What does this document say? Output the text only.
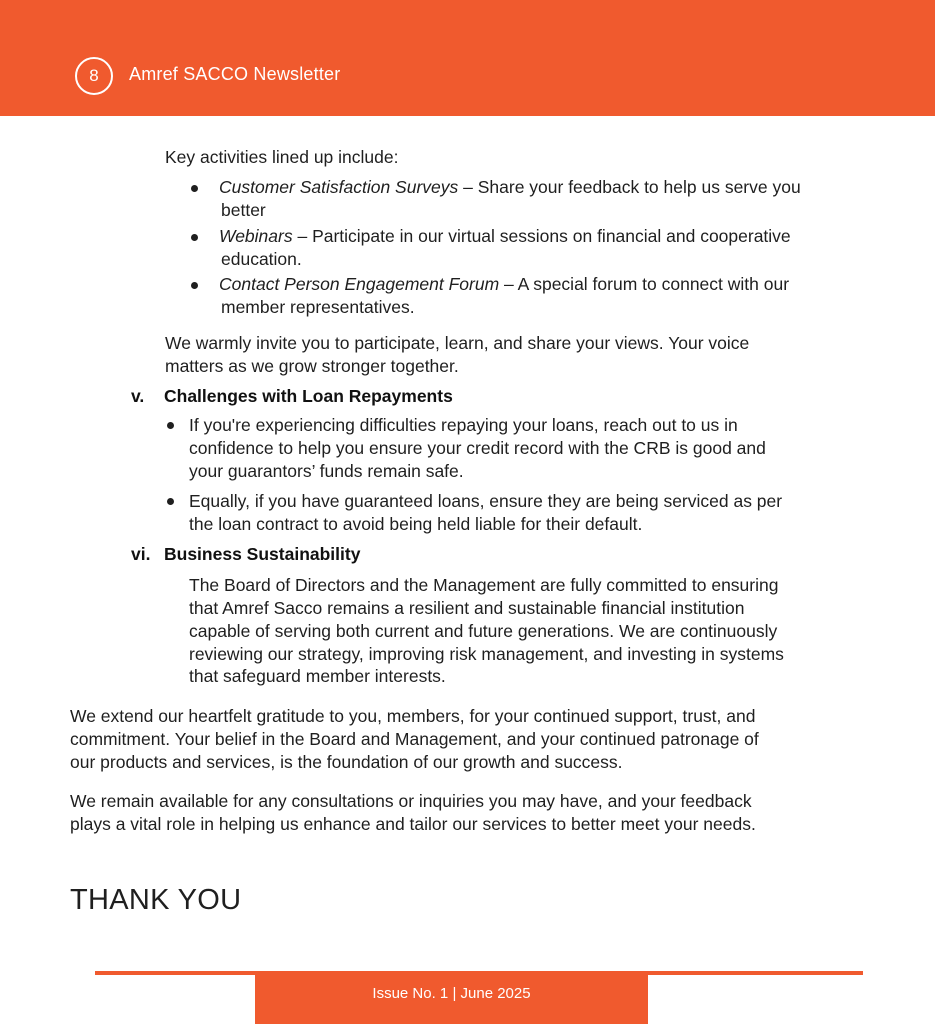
8	Amref SACCO Newsletter

Key activities lined up include:

Customer Satisfaction Surveys – Share your feedback to help us serve you
better
Webinars – Participate in our virtual sessions on financial and cooperative
education.
Contact Person Engagement Forum – A special forum to connect with our
member representatives.
We warmly invite you to participate, learn, and share your views. Your voice
matters as we grow stronger together.
v. Challenges with Loan Repayments
If you're experiencing difficulties repaying your loans, reach out to us in
confidence to help you ensure your credit record with the CRB is good and
your guarantors’ funds remain safe.
Equally, if you have guaranteed loans, ensure they are being serviced as per
the loan contract to avoid being held liable for their default.
vi. Business Sustainability
The Board of Directors and the Management are fully committed to ensuring
that Amref Sacco remains a resilient and sustainable financial institution
capable of serving both current and future generations. We are continuously
reviewing our strategy, improving risk management, and investing in systems
that safeguard member interests.
We extend our heartfelt gratitude to you, members, for your continued support, trust, and
commitment. Your belief in the Board and Management, and your continued patronage of
our products and services, is the foundation of our growth and success.
We remain available for any consultations or inquiries you may have, and your feedback
plays a vital role in helping us enhance and tailor our services to better meet your needs.
THANK YOU
Issue No. 1 | June 2025
